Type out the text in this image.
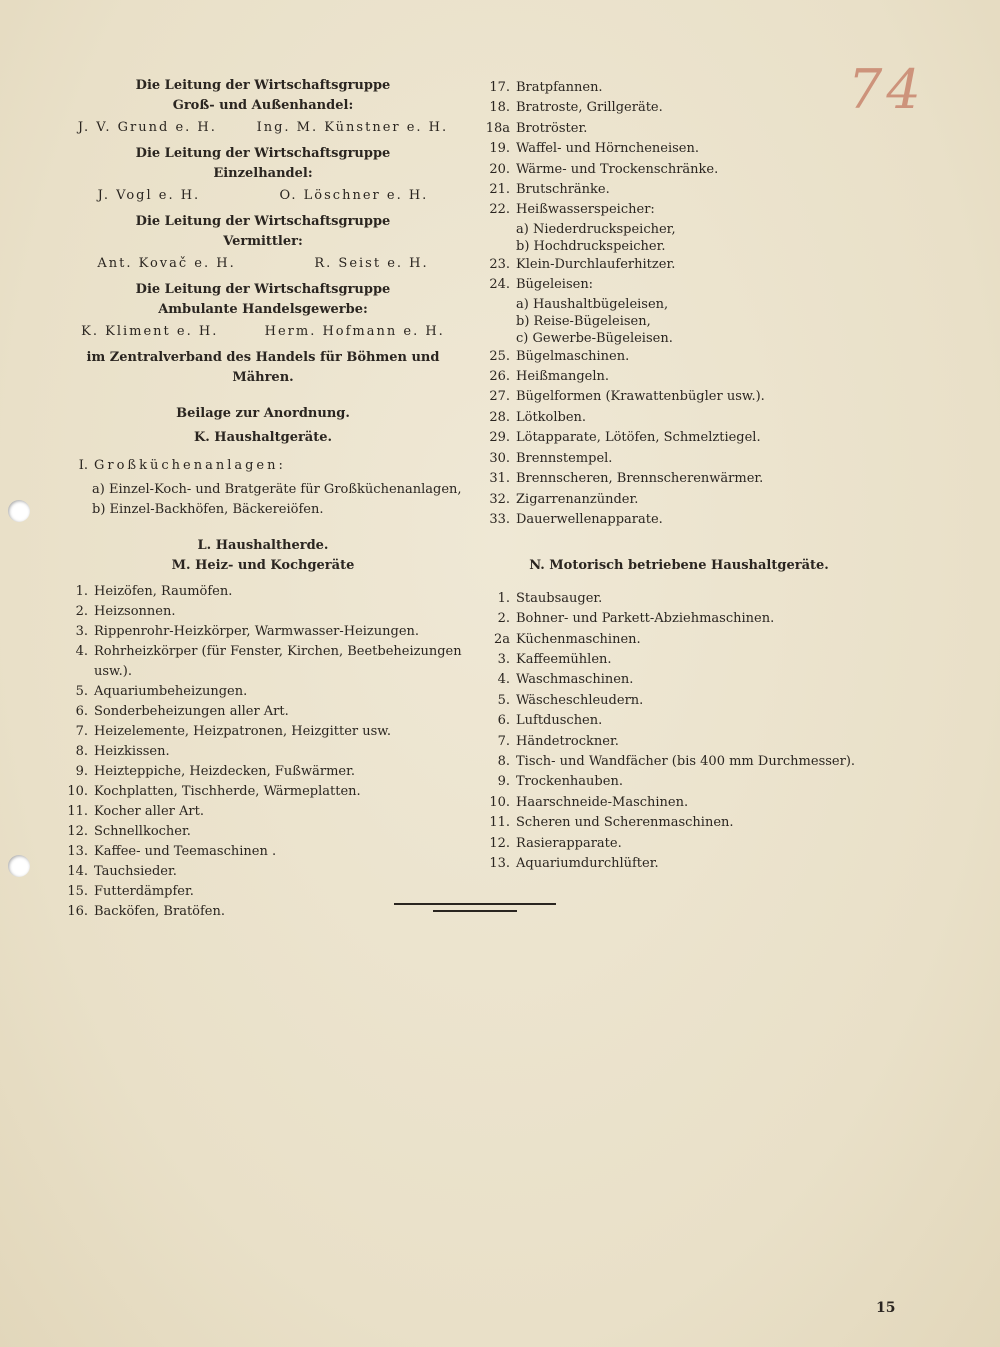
74
Die Leitung der Wirtschaftsgruppe
Groß- und Außenhandel:
J. V. Grund e. H.	Ing. M. Künstner e. H.
Die Leitung der Wirtschaftsgruppe
Einzelhandel:
J. Vogl e. H.	O. Löschner e. H.
Die Leitung der Wirtschaftsgruppe
Vermittler:
Ant. Kovač e. H.	R. Seist e. H.
Die Leitung der Wirtschaftsgruppe
Ambulante Handelsgewerbe:
K. Kliment e. H.	Herm. Hofmann e. H.
im Zentralverband des Handels für Böhmen und Mähren.
Beilage zur Anordnung.
K. Haushaltgeräte.
I. Großküchenanlagen:
a) Einzel-Koch- und Bratgeräte für Großküchenanlagen,
b) Einzel-Backhöfen, Bäckereiöfen.
L. Haushaltherde.
M. Heiz- und Kochgeräte
1. Heizöfen, Raumöfen.
2. Heizsonnen.
3. Rippenrohr-Heizkörper, Warmwasser-Heizungen.
4. Rohrheizkörper (für Fenster, Kirchen, Beetbeheizungen usw.).
5. Aquariumbeheizungen.
6. Sonderbeheizungen aller Art.
7. Heizelemente, Heizpatronen, Heizgitter usw.
8. Heizkissen.
9. Heizteppiche, Heizdecken, Fußwärmer.
10. Kochplatten, Tischherde, Wärmeplatten.
11. Kocher aller Art.
12. Schnellkocher.
13. Kaffee- und Teemaschinen .
14. Tauchsieder.
15. Futterdämpfer.
16. Backöfen, Bratöfen.
17. Bratpfannen.
18. Bratroste, Grillgeräte.
18a Brotröster.
19. Waffel- und Hörncheneisen.
20. Wärme- und Trockenschränke.
21. Brutschränke.
22. Heißwasserspeicher:
a) Niederdruckspeicher,
b) Hochdruckspeicher.
23. Klein-Durchlauferhitzer.
24. Bügeleisen:
a) Haushaltbügeleisen,
b) Reise-Bügeleisen,
c) Gewerbe-Bügeleisen.
25. Bügelmaschinen.
26. Heißmangeln.
27. Bügelformen (Krawattenbügler usw.).
28. Lötkolben.
29. Lötapparate, Lötöfen, Schmelztiegel.
30. Brennstempel.
31. Brennscheren, Brennscherenwärmer.
32. Zigarrenanzünder.
33. Dauerwellenapparate.
N. Motorisch betriebene Haushaltgeräte.
1. Staubsauger.
2. Bohner- und Parkett-Abziehmaschinen.
2a Küchenmaschinen.
3. Kaffeemühlen.
4. Waschmaschinen.
5. Wäscheschleudern.
6. Luftduschen.
7. Händetrockner.
8. Tisch- und Wandfächer (bis 400 mm Durchmesser).
9. Trockenhauben.
10. Haarschneide-Maschinen.
11. Scheren und Scherenmaschinen.
12. Rasierapparate.
13. Aquariumdurchlüfter.
15
